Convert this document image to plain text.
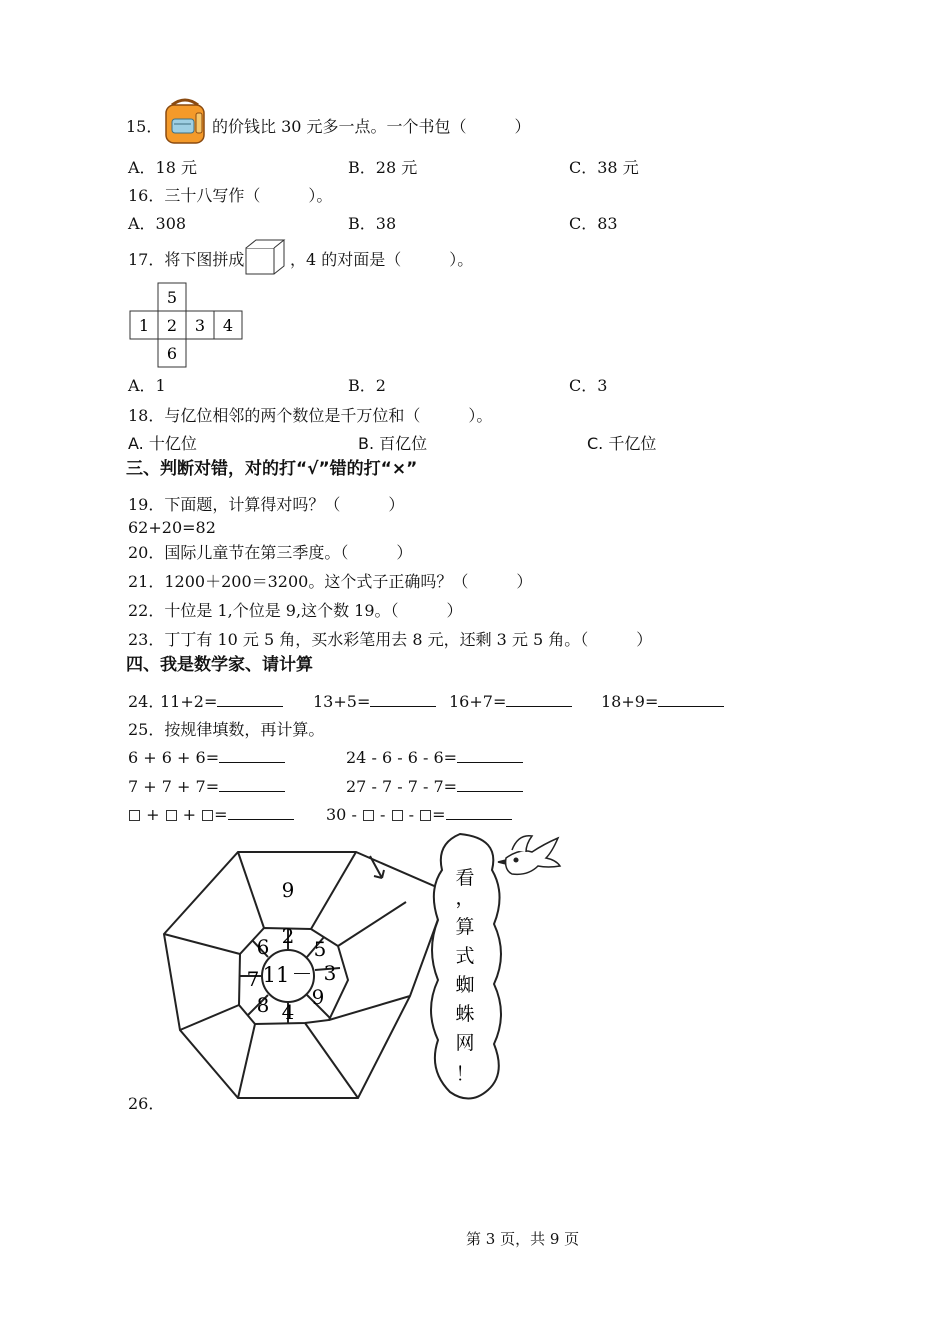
15．	的价钱比 30 元多一点。一个书包（　　　）
A．18 元	B．28 元	C．38 元
16．三十八写作（　　　）。
A．308	B．38	C．83
17．将下图拼成	，4 的对面是（　　　）。
5
1 2 3 4
6
A．1	B．2	C．3
18．与亿位相邻的两个数位是千万位和（　　　）。
A. 十亿位	B. 百亿位	C. 千亿位
三、判断对错，对的打“√”错的打“×”
19．下面题，计算得对吗？（　　　）
62+20=82
20．国际儿童节在第三季度。（　　　）
21．1200＋200＝3200。这个式子正确吗？（　　　）
22．十位是 1,个位是 9,这个数 19。（　　　）
23．丁丁有 10 元 5 角，买水彩笔用去 8 元，还剩 3 元 5 角。（　　　）
四、我是数学家、请计算
24．
11+2=	13+5=	16+7=	18+9=
25．按规律填数，再计算。
6 + 6 + 6=	24 - 6 - 6 - 6=
7 + 7 + 7=	27 - 7 - 7 - 7=
+  + =	30 -  -  - =
9
2
5
3
9
4
8
7
6
11 －
看
，
算
式
蜘
蛛
网
！
26．
第 3 页，共 9 页
